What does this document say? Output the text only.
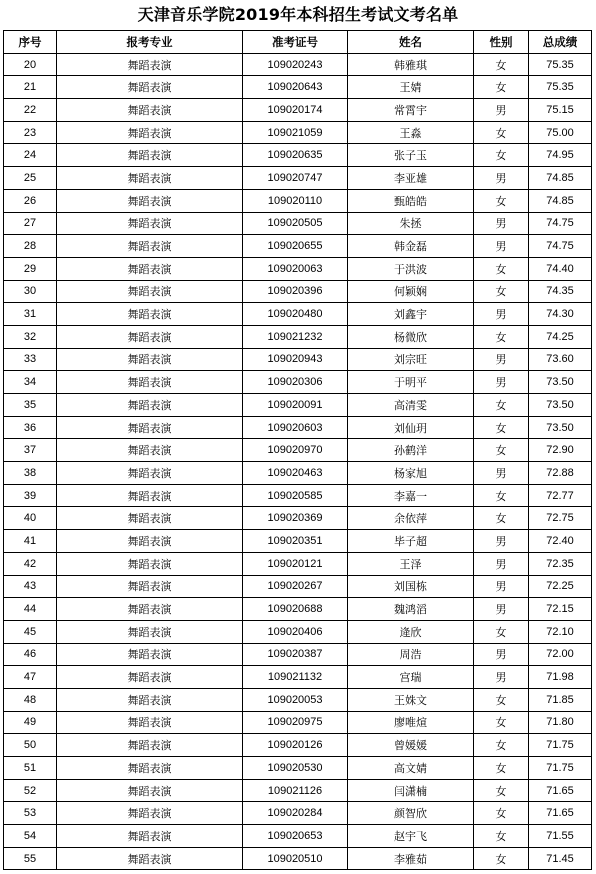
天津音乐学院2019年本科招生考试文考名单
序号	报考专业	准考证号	姓名	性别	总成绩
20	舞蹈表演	109020243	韩雅琪	女	75.35
21	舞蹈表演	109020643	王婧	女	75.35
22	舞蹈表演	109020174	常霄宇	男	75.15
23	舞蹈表演	109021059	王淼	女	75.00
24	舞蹈表演	109020635	张子玉	女	74.95
25	舞蹈表演	109020747	李亚雄	男	74.85
26	舞蹈表演	109020110	甄皓皓	女	74.85
27	舞蹈表演	109020505	朱拯	男	74.75
28	舞蹈表演	109020655	韩金磊	男	74.75
29	舞蹈表演	109020063	于洪波	女	74.40
30	舞蹈表演	109020396	何颖娴	女	74.35
31	舞蹈表演	109020480	刘鑫宇	男	74.30
32	舞蹈表演	109021232	杨微欣	女	74.25
33	舞蹈表演	109020943	刘宗旺	男	73.60
34	舞蹈表演	109020306	于明平	男	73.50
35	舞蹈表演	109020091	高清雯	女	73.50
36	舞蹈表演	109020603	刘仙玥	女	73.50
37	舞蹈表演	109020970	孙鹤洋	女	72.90
38	舞蹈表演	109020463	杨家旭	男	72.88
39	舞蹈表演	109020585	李嘉一	女	72.77
40	舞蹈表演	109020369	余依萍	女	72.75
41	舞蹈表演	109020351	毕子超	男	72.40
42	舞蹈表演	109020121	王泽	男	72.35
43	舞蹈表演	109020267	刘国栋	男	72.25
44	舞蹈表演	109020688	魏鸿滔	男	72.15
45	舞蹈表演	109020406	逄欣	女	72.10
46	舞蹈表演	109020387	周浩	男	72.00
47	舞蹈表演	109021132	宫瑞	男	71.98
48	舞蹈表演	109020053	王姝文	女	71.85
49	舞蹈表演	109020975	廖唯煊	女	71.80
50	舞蹈表演	109020126	曾媛媛	女	71.75
51	舞蹈表演	109020530	高文婧	女	71.75
52	舞蹈表演	109021126	闫潇楠	女	71.65
53	舞蹈表演	109020284	颜智欣	女	71.65
54	舞蹈表演	109020653	赵宇飞	女	71.55
55	舞蹈表演	109020510	李雅茹	女	71.45
